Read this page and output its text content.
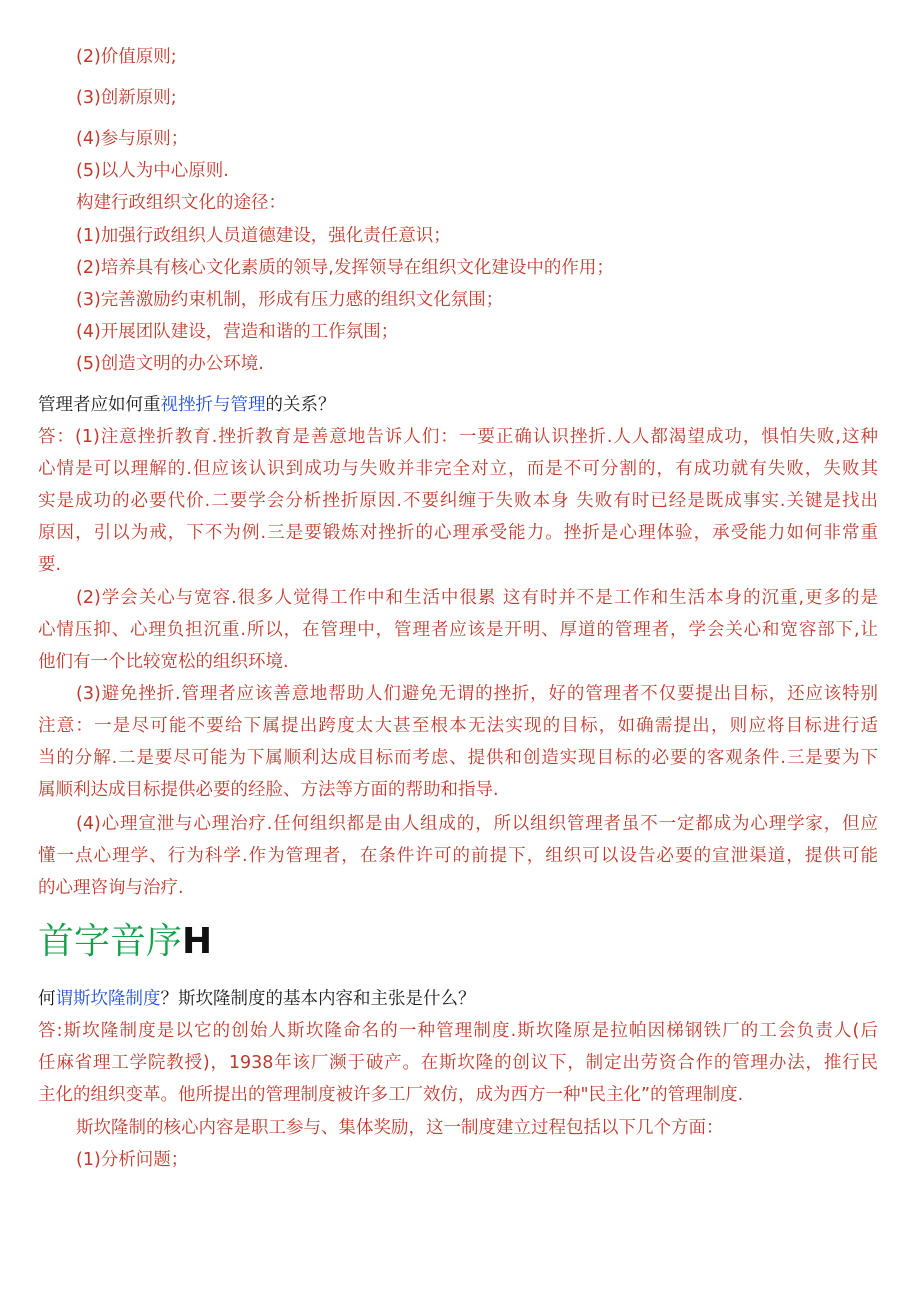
(2)价值原则;
(3)创新原则;
(4)参与原则；
(5)以人为中心原则.
构建行政组织文化的途径：
(1)加强行政组织人员道德建设，强化责任意识；
(2)培养具有核心文化素质的领导,发挥领导在组织文化建设中的作用；
(3)完善激励约束机制，形成有压力感的组织文化氛围；
(4)开展团队建设，营造和谐的工作氛围；
(5)创造文明的办公环境.
管理者应如何重视挫折与管理的关系？
答：(1)注意挫折教育.挫折教育是善意地告诉人们：一要正确认识挫折.人人都渴望成功，惧怕失败,这种
心情是可以理解的.但应该认识到成功与失败并非完全对立，而是不可分割的，有成功就有失败，失败其
实是成功的必要代价.二要学会分析挫折原因.不要纠缠于失败本身 失败有时已经是既成事实.关键是找出
原因，引以为戒，下不为例.三是要锻炼对挫折的心理承受能力。挫折是心理体验，承受能力如何非常重
要.
(2)学会关心与宽容.很多人觉得工作中和生活中很累 这有时并不是工作和生活本身的沉重,更多的是
心情压抑、心理负担沉重.所以，在管理中，管理者应该是开明、厚道的管理者，学会关心和宽容部下,让
他们有一个比较宽松的组织环境.
(3)避免挫折.管理者应该善意地帮助人们避免无谓的挫折，好的管理者不仅要提出目标，还应该特别
注意：一是尽可能不要给下属提出跨度太大甚至根本无法实现的目标，如确需提出，则应将目标进行适
当的分解.二是要尽可能为下属顺利达成目标而考虑、提供和创造实现目标的必要的客观条件.三是要为下
属顺利达成目标提供必要的经脸、方法等方面的帮助和指导.
(4)心理宣泄与心理治疗.任何组织都是由人组成的，所以组织管理者虽不一定都成为心理学家，但应
懂一点心理学、行为科学.作为管理者，在条件许可的前提下，组织可以设告必要的宣泄渠道，提供可能
的心理咨询与治疗.
首字音序H
何谓斯坎隆制度？斯坎隆制度的基本内容和主张是什么？
答:斯坎隆制度是以它的创始人斯坎隆命名的一种管理制度.斯坎隆原是拉帕因梯钢铁厂的工会负责人(后
任麻省理工学院教授)，1938年该厂濒于破产。在斯坎隆的创议下，制定出劳资合作的管理办法，推行民
主化的组织变革。他所提出的管理制度被许多工厂效仿，成为西方一种"民主化”的管理制度.
斯坎隆制的核心内容是职工参与、集体奖励，这一制度建立过程包括以下几个方面：
(1)分析问题；
